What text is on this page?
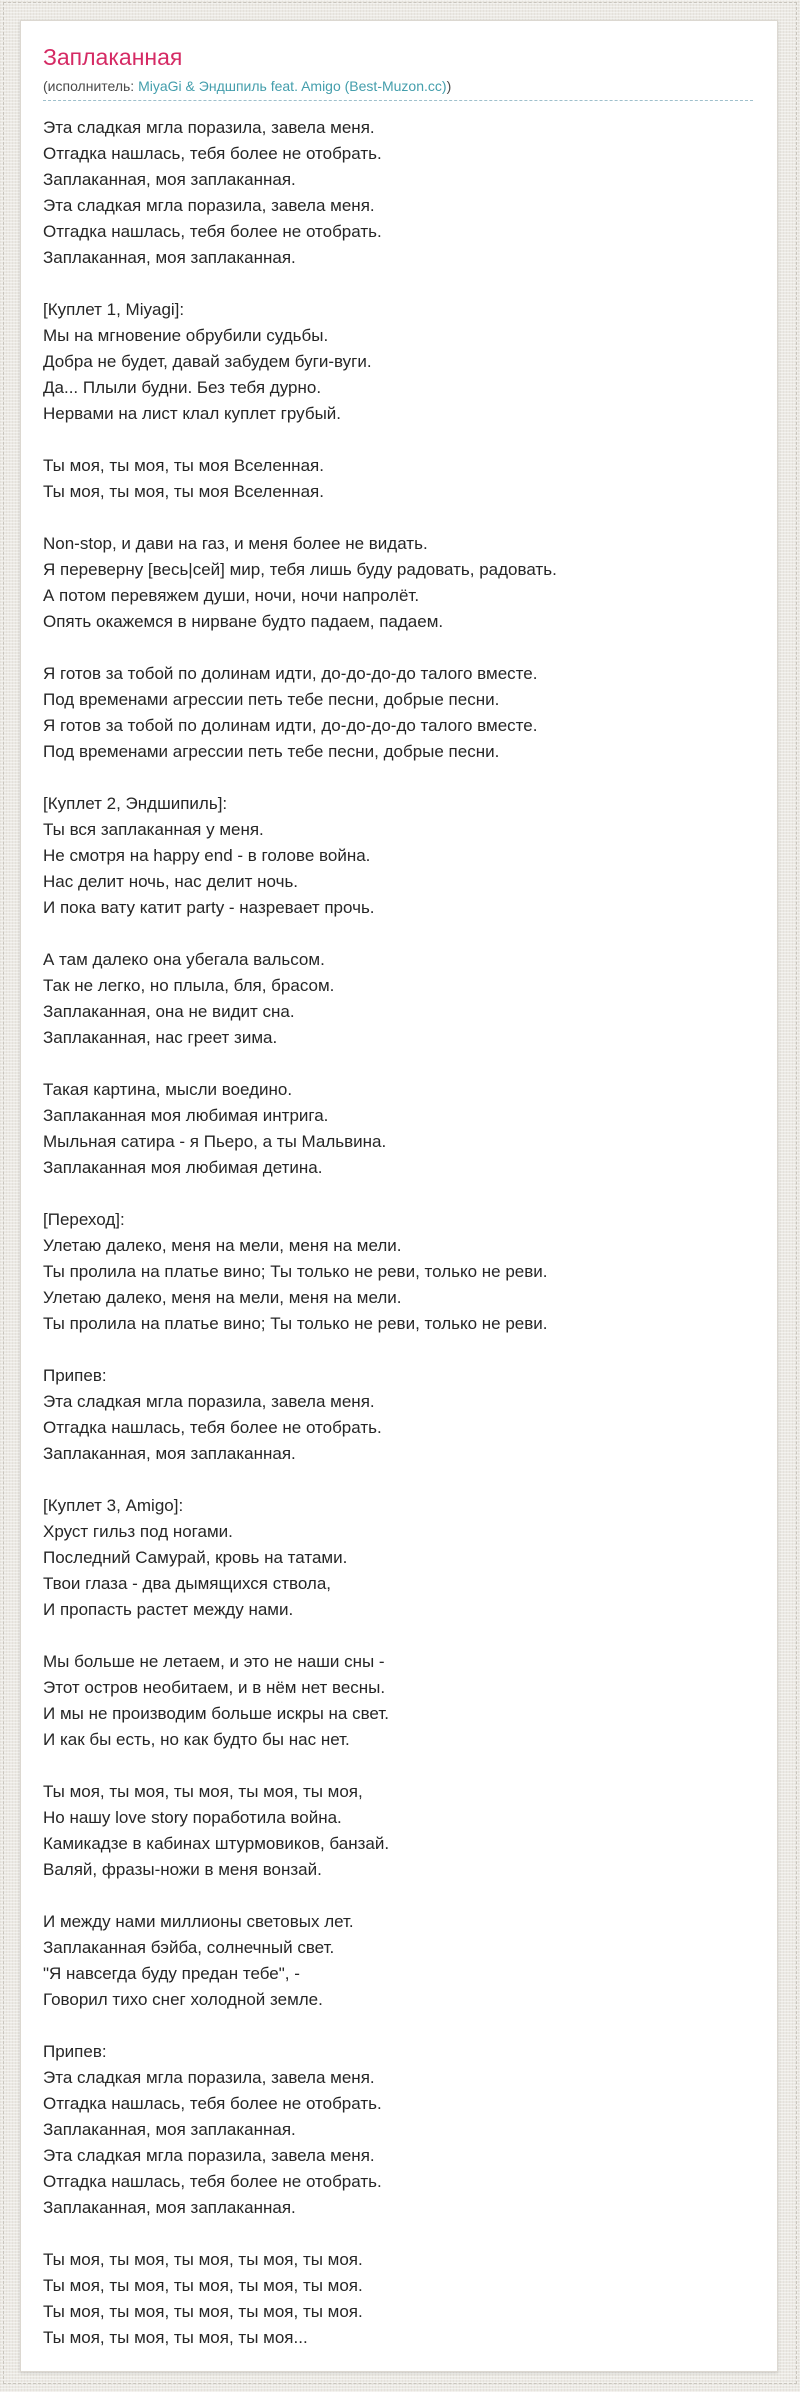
Заплаканная
(исполнитель: MiyaGi & Эндшпиль feat. Amigo (Best-Muzon.cc))
Эта сладкая мгла поразила, завела меня.
Отгадка нашлась, тебя более не отобрать.
Заплаканная, моя заплаканная.
Эта сладкая мгла поразила, завела меня.
Отгадка нашлась, тебя более не отобрать.
Заплаканная, моя заплаканная.
[Куплет 1, Miyagi]:
Мы на мгновение обрубили судьбы.
Добра не будет, давай забудем буги-вуги.
Да... Плыли будни. Без тебя дурно.
Нервами на лист клал куплет грубый.
Ты моя, ты моя, ты моя Вселенная.
Ты моя, ты моя, ты моя Вселенная.
Non-stop, и дави на газ, и меня более не видать.
Я переверну [весь|сей] мир, тебя лишь буду радовать, радовать.
А потом перевяжем души, ночи, ночи напролёт.
Опять окажемся в нирване будто падаем, падаем.
Я готов за тобой по долинам идти, до-до-до-до талого вместе.
Под временами агрессии петь тебе песни, добрые песни.
Я готов за тобой по долинам идти, до-до-до-до талого вместе.
Под временами агрессии петь тебе песни, добрые песни.
[Куплет 2, Эндшипиль]:
Ты вся заплаканная у меня.
Не смотря на happy end - в голове война.
Нас делит ночь, нас делит ночь.
И пока вату катит party - назревает прочь.
А там далеко она убегала вальсом.
Так не легко, но плыла, бля, брасом.
Заплаканная, она не видит сна.
Заплаканная, нас греет зима.
Такая картина, мысли воедино.
Заплаканная моя любимая интрига.
Мыльная сатира - я Пьеро, а ты Мальвина.
Заплаканная моя любимая детина.
[Переход]:
Улетаю далеко, меня на мели, меня на мели.
Ты пролила на платье вино; Ты только не реви, только не реви.
Улетаю далеко, меня на мели, меня на мели.
Ты пролила на платье вино; Ты только не реви, только не реви.
Припев:
Эта сладкая мгла поразила, завела меня.
Отгадка нашлась, тебя более не отобрать.
Заплаканная, моя заплаканная.
[Куплет 3, Amigo]:
Хруст гильз под ногами.
Последний Самурай, кровь на татами.
Твои глаза - два дымящихся ствола,
И пропасть растет между нами.
Мы больше не летаем, и это не наши сны -
Этот остров необитаем, и в нём нет весны.
И мы не производим больше искры на свет.
И как бы есть, но как будто бы нас нет.
Ты моя, ты моя, ты моя, ты моя, ты моя,
Но нашу love story поработила война.
Камикадзе в кабинах штурмовиков, банзай.
Валяй, фразы-ножи в меня вонзай.
И между нами миллионы световых лет.
Заплаканная бэйба, солнечный свет.
"Я навсегда буду предан тебе", -
Говорил тихо снег холодной земле.
Припев:
Эта сладкая мгла поразила, завела меня.
Отгадка нашлась, тебя более не отобрать.
Заплаканная, моя заплаканная.
Эта сладкая мгла поразила, завела меня.
Отгадка нашлась, тебя более не отобрать.
Заплаканная, моя заплаканная.
Ты моя, ты моя, ты моя, ты моя, ты моя.
Ты моя, ты моя, ты моя, ты моя, ты моя.
Ты моя, ты моя, ты моя, ты моя, ты моя.
Ты моя, ты моя, ты моя, ты моя...
